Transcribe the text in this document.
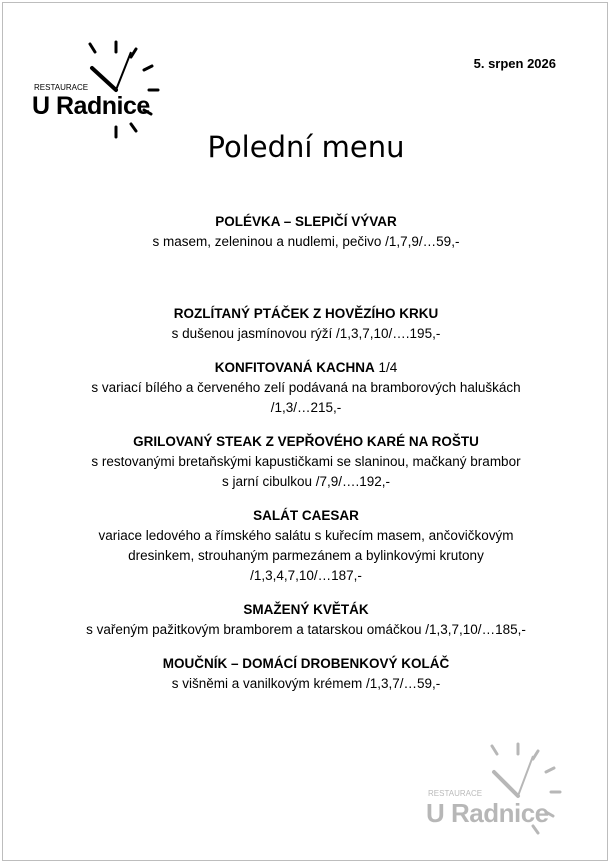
RESTAURACE
U Radnice
5. srpen 2026
Polední menu
POLÉVKA – SLEPIČÍ VÝVAR
s masem, zeleninou a nudlemi, pečivo /1,7,9/…59,-
ROZLÍTANÝ PTÁČEK Z HOVĚZÍHO KRKU
s dušenou jasmínovou rýží /1,3,7,10/….195,-
KONFITOVANÁ KACHNA 1/4
s variací bílého a červeného zelí podávaná na bramborových haluškách
/1,3/…215,-
GRILOVANÝ STEAK Z VEPŘOVÉHO KARÉ NA ROŠTU
s restovanými bretaňskými kapustičkami se slaninou, mačkaný brambor
s jarní cibulkou /7,9/….192,-
SALÁT CAESAR
variace ledového a římského salátu s kuřecím masem, ančovičkovým
dresinkem, strouhaným parmezánem a bylinkovými krutony
/1,3,4,7,10/…187,-
SMAŽENÝ KVĚTÁK
s vařeným pažitkovým bramborem a tatarskou omáčkou /1,3,7,10/…185,-
MOUČNÍK – DOMÁCÍ DROBENKOVÝ KOLÁČ
s višněmi a vanilkovým krémem /1,3,7/…59,-
RESTAURACE
U Radnice
